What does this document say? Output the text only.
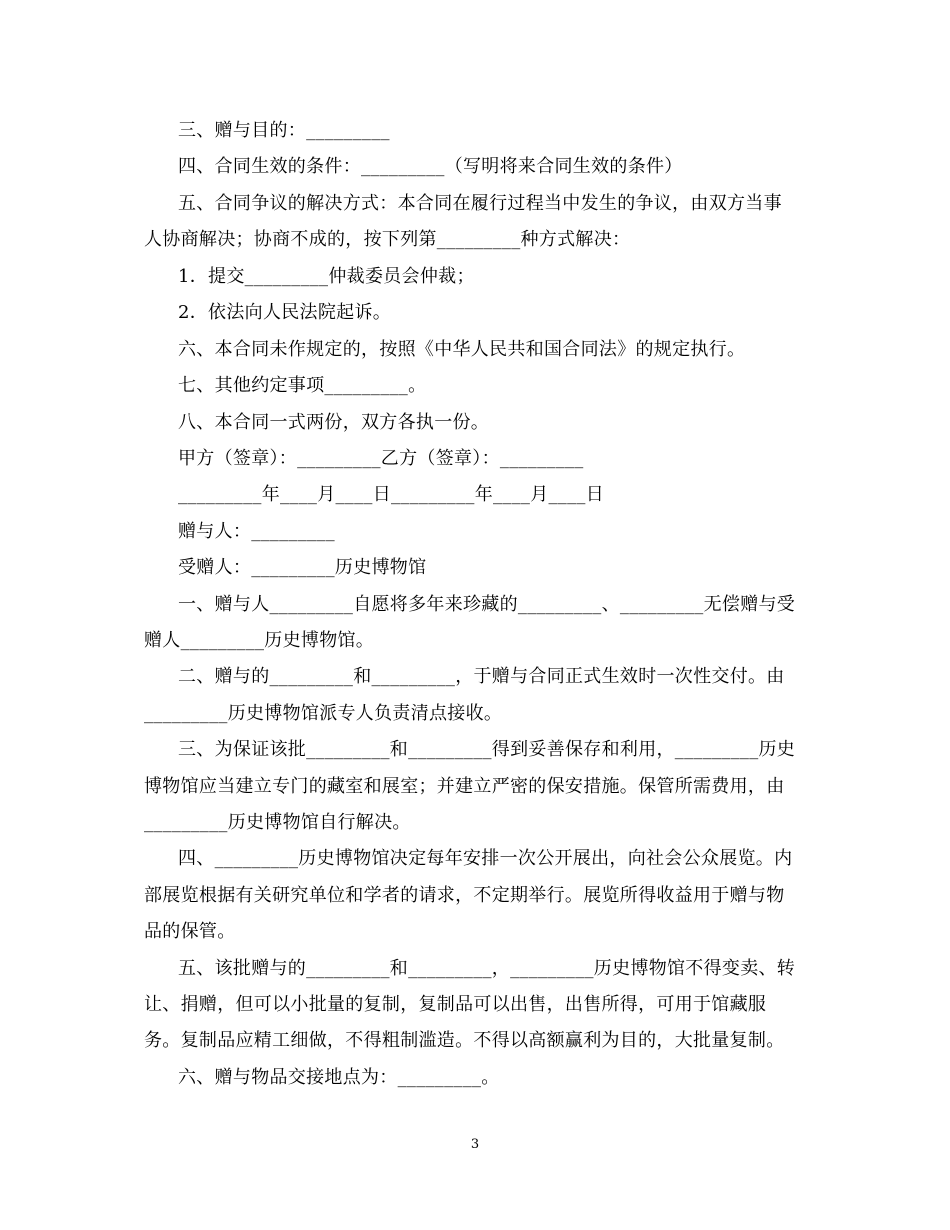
三、赠与目的：_________
四、合同生效的条件：_________（写明将来合同生效的条件）
五、合同争议的解决方式：本合同在履行过程当中发生的争议，由双方当事
人协商解决；协商不成的，按下列第_________种方式解决：
1．提交_________仲裁委员会仲裁；
2．依法向人民法院起诉。
六、本合同未作规定的，按照《中华人民共和国合同法》的规定执行。
七、其他约定事项_________。
八、本合同一式两份，双方各执一份。
甲方（签章）：_________乙方（签章）：_________
_________年____月____日_________年____月____日
赠与人：_________
受赠人：_________历史博物馆
一、赠与人_________自愿将多年来珍藏的_________、_________无偿赠与受
赠人_________历史博物馆。
二、赠与的_________和_________，于赠与合同正式生效时一次性交付。由
_________历史博物馆派专人负责清点接收。
三、为保证该批_________和_________得到妥善保存和利用，_________历史
博物馆应当建立专门的藏室和展室；并建立严密的保安措施。保管所需费用，由
_________历史博物馆自行解决。
四、_________历史博物馆决定每年安排一次公开展出，向社会公众展览。内
部展览根据有关研究单位和学者的请求，不定期举行。展览所得收益用于赠与物
品的保管。
五、该批赠与的_________和_________，_________历史博物馆不得变卖、转
让、捐赠，但可以小批量的复制，复制品可以出售，出售所得，可用于馆藏服
务。复制品应精工细做，不得粗制滥造。不得以高额赢利为目的，大批量复制。
六、赠与物品交接地点为：_________。
3
